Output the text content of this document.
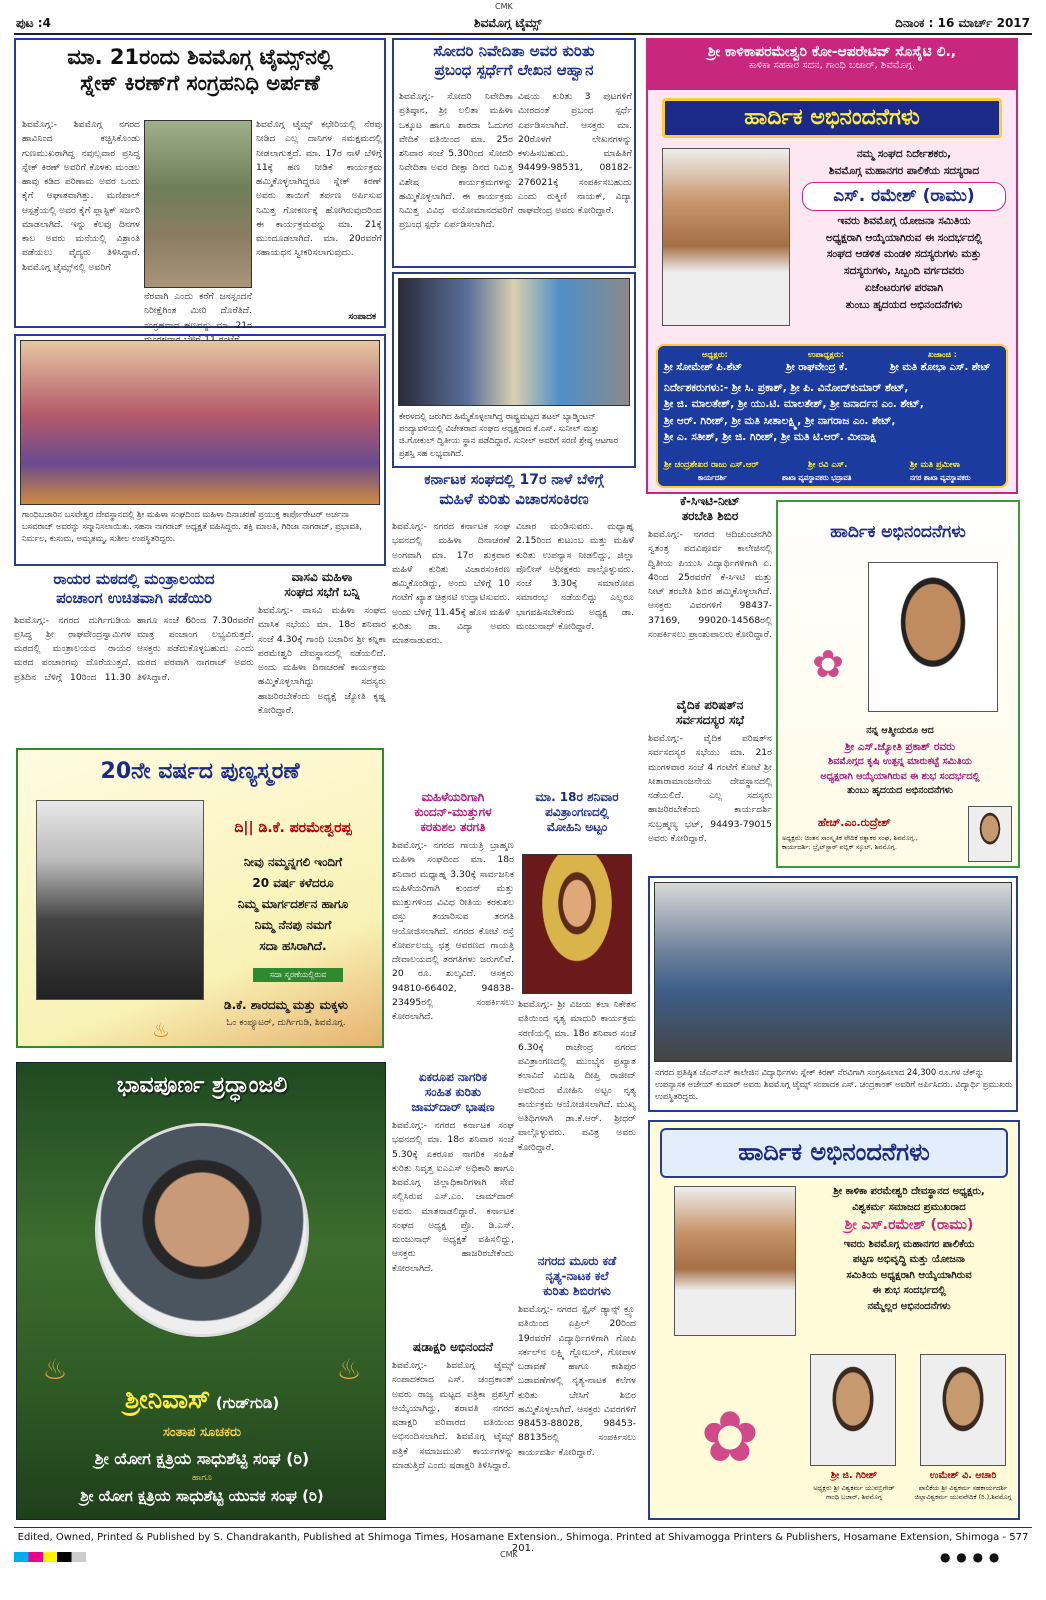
ಪುಟ :4	ಶಿವಮೊಗ್ಗ ಟೈಮ್ಸ್	ದಿನಾಂಕ : 16 ಮಾರ್ಚ್ 2017
CMK
ಮಾ. 21ರಂದು ಶಿವಮೊಗ್ಗ ಟೈಮ್ಸ್‌ನಲ್ಲಿ
ಸ್ನೇಕ್ ಕಿರಣ್‌ಗೆ ಸಂಗ್ರಹನಿಧಿ ಅರ್ಪಣೆ
ಶಿವಮೊಗ್ಗ:- ಶಿವಮೊಗ್ಗ ನಗರದ ಹಾವಿನಿಂದ ಕಚ್ಚಿಸಿಕೊಂಡು ಗುಣಮುಖರಾಗಿದ್ದ ನವುಲ್ಲವಾರ ಪ್ರಸಿದ್ಧ ಸ್ನೇಕ್ ಕಿರಣ್ ಅವರಿಗೆ ಕೊಳಕು ಮಂಡಲ ಹಾವು ಕಡಿದ ಪರಿಣಾಮ ಅವರ ಒಂದು ಕೈಗೆ ಆಘಾತವಾಗಿತ್ತು. ಮಣಿಪಾಲ್ ಆಸ್ಪತ್ರೆಯಲ್ಲಿ ಅವರ ಕೈಗೆ ಪ್ಲಾಸ್ಟಿಕ್ ಸರ್ಜರಿ ಮಾಡಲಾಗಿದೆ. ಇನ್ನು ಕೆಲವು ದಿನಗಳ ಕಾಲ ಅವರು ಮನೆಯಲ್ಲಿ ವಿಶ್ರಾಂತಿ ಪಡೆಯಲು ವೈದ್ಯರು ತಿಳಿಸಿದ್ದಾರೆ. ಶಿವಮೊಗ್ಗ ಟೈಮ್ಸ್‌ನಲ್ಲಿ ಅವರಿಗೆ
ನೆರವಾಗಿ ಎಂದು ಕರೆಗೆ ಜನಸ್ಪಂದನೆ ನಿರೀಕ್ಷೆಗಿಂತ ಮೀರಿ ದೊರೆತಿದೆ. ಸಂಗ್ರಹವಾದ ಹಣವನ್ನು ಮಾ. 21ರ
ಶಿವಮೊಗ್ಗ ಟೈಮ್ಸ್ ಕಛೇರಿಯಲ್ಲಿ ನೆರವು ನೀಡಿದ ಎಲ್ಲ ದಾನಿಗಳ ಸಮಕ್ಷಮದಲ್ಲಿ ನೀಡಲಾಗುತ್ತದೆ. ಮಾ. 17ರ ನಾಳೆ ಬೆಳಿಗ್ಗೆ 11ಕ್ಕೆ ಹಣ ನೀಡಿಕೆ ಕಾರ್ಯಕ್ರಮ ಹಮ್ಮಿಕೊಳ್ಳಲಾಗಿದ್ದರೂ ಸ್ನೇಕ್ ಕಿರಣ್ ಅವರು ತಾಯಿಗೆ ತರ್ಪಣ ಅರ್ಪಿಸುವ ನಿಮಿತ್ತ ಗೋಕರ್ಣಕ್ಕೆ ಹೋಗಿರುವುದರಿಂದ ಈ ಕಾರ್ಯಕ್ರಮವನ್ನು ಮಾ. 21ಕ್ಕೆ ಮುಂದೂಡಲಾಗಿದೆ. ಮಾ. 20ರವರೆಗೆ ಸಹಾಯಧನ ಸ್ವೀಕರಿಸಲಾಗುವುದು.
ಸಂಪಾದಕ
ಗಾಂಧಿಬಜಾರಿನ ಬಸವೇಶ್ವರ ದೇವಸ್ಥಾನದಲ್ಲಿ ಶ್ರೀ ಮಹಿಳಾ ಸಂಘದಿಂದ ಮಹಿಳಾ ದಿನಾಚರಣೆ ಪ್ರಯುಕ್ತ ಕಾರ್ಪೊರೇಟರ್ ಅರ್ಚನಾ ಬಸವರಾಜ್ ಅವರನ್ನು ಸನ್ಮಾನಿಸಲಾಯಿತು. ಸಹನಾ ನಾಗರಾಜ್ ಅಧ್ಯಕ್ಷತೆ ವಹಿಸಿದ್ದರು. ಶಕ್ತಿ ಮಾಲತಿ, ಗಿರಿಜಾ ನಾಗರಾಜ್, ಪ್ರಭಾವತಿ, ನಿರ್ಮಲ, ಕುಸುಮ, ಅಮೃತಮ್ಮ, ಸುಶೀಲ ಉಪಸ್ಥಿತರಿದ್ದರು.
ರಾಯರ ಮಠದಲ್ಲಿ ಮಂತ್ರಾಲಯದ
ಪಂಚಾಂಗ ಉಚಿತವಾಗಿ ಪಡೆಯಿರಿ
ಶಿವಮೊಗ್ಗ:- ನಗರದ ದುರ್ಗಿಗುಡಿಯ ಪ್ರಸಿದ್ಧ ಶ್ರೀ ರಾಘವೇಂದ್ರಸ್ವಾಮಿಗಳ ಮಠದಲ್ಲಿ ಮಂತ್ರಾಲಯದ ರಾಯರ ಮಠದ ಪಂಚಾಂಗವು ದೊರೆಯುತ್ತದೆ. ಪ್ರತಿದಿನ ಬೆಳಿಗ್ಗೆ 10ರಿಂದ 11.30 ಹಾಗೂ ಸಂಜೆ 6ರಿಂದ 7.30ರವರೆಗೆ ಮಾತ್ರ ಪಂಚಾಂಗ ಲಭ್ಯವಿರುತ್ತದೆ. ಆಸಕ್ತರು ಪಡೆದುಕೊಳ್ಳಬಹುದು ಎಂದು ಮಠದ ಪರವಾಗಿ ನಾಗರಾಜ್ ಅವರು ತಿಳಿಸಿದ್ದಾರೆ.
ವಾಸವಿ ಮಹಿಳಾ
ಸಂಘದ ಸಭೆಗೆ ಬನ್ನಿ
ಶಿವಮೊಗ್ಗ:- ವಾಸವಿ ಮಹಿಳಾ ಸಂಘದ ಮಾಸಿಕ ಸಭೆಯು ಮಾ. 18ರ ಶನಿವಾರ ಸಂಜೆ 4.30ಕ್ಕೆ ಗಾಂಧಿ ಬಜಾರಿನ ಶ್ರೀ ಕನ್ನಿಕಾ ಪರಮೇಶ್ವರಿ ದೇವಸ್ಥಾನದಲ್ಲಿ ನಡೆಯಲಿದೆ. ಅಂದು ಮಹಿಳಾ ದಿನಾಚರಣೆ ಕಾರ್ಯಕ್ರಮ ಹಮ್ಮಿಕೊಳ್ಳಲಾಗಿದ್ದು ಸದಸ್ಯರು ಹಾಜರಿರಬೇಕೆಂದು ಅಧ್ಯಕ್ಷೆ ಜ್ಯೋತಿ ಕೃಷ್ಣ ಕೋರಿದ್ದಾರೆ.
20ನೇ ವರ್ಷದ ಪುಣ್ಯಸ್ಮರಣೆ
ದಿ|| ಡಿ.ಕೆ. ಪರಮೇಶ್ವರಪ್ಪ
ನೀವು ನಮ್ಮನ್ನಗಲಿ ಇಂದಿಗೆ
20 ವರ್ಷ ಕಳೆದರೂ
ನಿಮ್ಮ ಮಾರ್ಗದರ್ಶನ ಹಾಗೂ
ನಿಮ್ಮ ನೆನಪು ನಮಗೆ
ಸದಾ ಹಸಿರಾಗಿದೆ.
ಸದಾ ಸ್ಮರಣೆಯಲ್ಲಿರುವ
ಡಿ.ಕೆ. ಶಾರದಮ್ಮ ಮತ್ತು ಮಕ್ಕಳು
ಓಂ ಕಂಪ್ಯೂಟರ್, ದುರ್ಗಿಗುಡಿ, ಶಿವಮೊಗ್ಗ.
♨
ಭಾವಪೂರ್ಣ ಶ್ರದ್ಧಾಂಜಲಿ
♨	♨
ಶ್ರೀನಿವಾಸ್ (ಗುಡ್‌ಗುಡಿ)
ಸಂತಾಪ ಸೂಚಕರು
ಶ್ರೀ ಯೋಗ ಕ್ಷತ್ರಿಯ ಸಾಧುಶೆಟ್ಟಿ ಸಂಘ (ರಿ)
ಹಾಗೂ
ಶ್ರೀ ಯೋಗ ಕ್ಷತ್ರಿಯ ಸಾಧುಶೆಟ್ಟಿ ಯುವಕ ಸಂಘ (ರಿ)
ಸೋದರಿ ನಿವೇದಿತಾ ಅವರ ಕುರಿತು
ಪ್ರಬಂಧ ಸ್ಪರ್ಧೆಗೆ ಲೇಖನ ಆಹ್ವಾನ
ಶಿವಮೊಗ್ಗ:- ಸೋದರಿ ನಿವೇದಿತಾ ಪ್ರತಿಷ್ಠಾನ, ಶ್ರೀ ಲಲಿತಾ ಮಹಿಳಾ ಒಕ್ಕೂಟ ಹಾಗೂ ಶಾರದಾ ಓದುಗರ ವೇದಿಕೆ ವತಿಯಿಂದ ಮಾ. 25ರ ಶನಿವಾರ ಸಂಜೆ 5.30ರಿಂದ ಸೋದರಿ ನಿವೇದಿತಾ ಅವರ ದೀಕ್ಷಾ ದಿನದ ನಿಮಿತ್ತ ವಿಶೇಷ ಕಾರ್ಯಕ್ರಮಗಳನ್ನು ಹಮ್ಮಿಕೊಳ್ಳಲಾಗಿದೆ. ಈ ಕಾರ್ಯಕ್ರಮ ನಿಮಿತ್ತ ವಿವಿಧ ವಯೋಮಾನದವರಿಗೆ ಪ್ರಬಂಧ ಸ್ಪರ್ಧೆ ಏರ್ಪಡಿಸಲಾಗಿದೆ.
ವಿಷಯ ಕುರಿತು 3 ಪುಟಗಳಿಗೆ ಮೀರದಂತೆ ಪ್ರಬಂಧ ಸ್ಪರ್ಧೆ ಏರ್ಪಡಿಸಲಾಗಿದೆ. ಆಸಕ್ತರು ಮಾ. 20ರೊಳಗೆ ಲೇಖನಗಳನ್ನು ಕಳುಹಿಸಬಹುದು. ಮಾಹಿತಿಗೆ 94499-98531, 08182-276021ಕ್ಕೆ ಸಂಪರ್ಕಿಸಬಹುದು ಎಂದು ರುಕ್ಮಿಣಿ ನಾಯಕ್, ವಿದ್ಯಾ ರಾಘವೇಂದ್ರ ಅವರು ಕೋರಿದ್ದಾರೆ.
ಕೇರಳದಲ್ಲಿ ಜರುಗಿದ ಹಿಮ್ಮೆಕೊಳ್ಳಲಾಗಿದ್ದ ರಾಷ್ಟ್ರಮಟ್ಟದ ಶಟಲ್ ಬ್ಯಾಡ್ಮಿಂಟನ್ ಪಂದ್ಯಾವಳಿಯಲ್ಲಿ ವಿಜೇತರಾದ ಸಂಘದ ಅಧ್ಯಕ್ಷರಾದ ಕೆ.ಎಸ್. ಸುನೀಲ್ ಮತ್ತು ಜಿ.ಗೋಕುಲ್ ದ್ವಿತೀಯ ಸ್ಥಾನ ಪಡೆದಿದ್ದಾರೆ. ಸುನೀಲ್ ಅವರಿಗೆ ಸರಣಿ ಶ್ರೇಷ್ಠ ಆಟಗಾರ ಪ್ರಶಸ್ತಿ ಸಹ ಲಭ್ಯವಾಗಿದೆ.
ಕರ್ನಾಟಕ ಸಂಘದಲ್ಲಿ 17ರ ನಾಳೆ ಬೆಳಿಗ್ಗೆ
ಮಹಿಳೆ ಕುರಿತು ವಿಚಾರಸಂಕಿರಣ
ಶಿವಮೊಗ್ಗ:- ನಗರದ ಕರ್ನಾಟಕ ಸಂಘ ಭವನದಲ್ಲಿ ಮಹಿಳಾ ದಿನಾಚರಣೆ ಅಂಗವಾಗಿ ಮಾ. 17ರ ಶುಕ್ರವಾರ ಮಹಿಳೆ ಕುರಿತು ವಿಚಾರಸಂಕಿರಣ ಹಮ್ಮಿಕೊಂಡಿದ್ದು, ಅಂದು ಬೆಳಿಗ್ಗೆ 10 ಗಂಟೆಗೆ ಖ್ಯಾತ ಚಿತ್ರನಟಿ ಉದ್ಘಾಟಿಸುವರು. ಅಂದು ಬೆಳಿಗ್ಗೆ 11.45ಕ್ಕೆ ಹೊಸ ಮಹಿಳೆ ಕುರಿತು ಡಾ. ವಿದ್ಯಾ ಅವರು ಮಾತನಾಡುವರು.
ವಿಚಾರ ಮಂಡಿಸುವರು. ಮಧ್ಯಾಹ್ನ 2.15ರಿಂದ ಕುಟುಂಬ ಮತ್ತು ಮಹಿಳೆ ಕುರಿತು ಉಪನ್ಯಾಸ ನೀಡಲಿದ್ದು, ಜಿಲ್ಲಾ ಪೊಲೀಸ್ ಅಧೀಕ್ಷಕರು ಪಾಲ್ಗೊಳ್ಳುವರು. ಸಂಜೆ 3.30ಕ್ಕೆ ಸಮಾರೋಪ ಸಮಾರಂಭ ನಡೆಯಲಿದ್ದು ಎಲ್ಲರೂ ಭಾಗವಹಿಸಬೇಕೆಂದು ಅಧ್ಯಕ್ಷ ಡಾ. ಮಂಜುನಾಥ್ ಕೋರಿದ್ದಾರೆ.
ಮಹಿಳೆಯರಿಗಾಗಿ
ಕುಂದನ್-ಮುತ್ತುಗಳ
ಕರಕುಶಲ ತರಗತಿ
ಶಿವಮೊಗ್ಗ:- ನಗರದ ಗಾಯತ್ರಿ ಬ್ರಾಹ್ಮಣ ಮಹಿಳಾ ಸಂಘದಿಂದ ಮಾ. 18ರ ಶನಿವಾರ ಮಧ್ಯಾಹ್ನ 3.30ಕ್ಕೆ ಸಾರ್ವಜನಿಕ ಮಹಿಳೆಯರಿಗಾಗಿ ಕುಂದನ್ ಮತ್ತು ಮುತ್ತುಗಳಿಂದ ವಿವಿಧ ರೀತಿಯ ಕರಕುಶಲ ವಸ್ತು ತಯಾರಿಸುವ ತರಗತಿ ಆಯೋಜಿಸಲಾಗಿದೆ. ನಗರದ ಕೋಟೆ ರಸ್ತೆ ಕೋರ್ಪಲಯ್ಯ ಛತ್ರ ಆವರಣದ ಗಾಯತ್ರಿ ದೇವಾಲಯದಲ್ಲಿ ತರಗತಿಗಳು ಜರುಗಲಿವೆ. 20 ರೂ. ಶುಲ್ಕವಿದೆ. ಆಸಕ್ತರು 94810-66402, 94838-23495ರಲ್ಲಿ ಸಂಪರ್ಕಿಸಲು ಕೋರಲಾಗಿದೆ.
ಮಾ. 18ರ ಶನಿವಾರ
ಪವಿತ್ರಾಂಗಣದಲ್ಲಿ
ಮೋಹಿನಿ ಅಟ್ಟಂ
ಶಿವಮೊಗ್ಗ:- ಶ್ರೀ ವಿಜಯ ಕಲಾ ನಿಕೇತನ ವತಿಯಿಂದ ನೃತ್ಯ ಮಾಧುರಿ ಕಾರ್ಯಕ್ರಮ ಸರಣಿಯಲ್ಲಿ ಮಾ. 18ರ ಶನಿವಾರ ಸಂಜೆ 6.30ಕ್ಕೆ ರಾಜೇಂದ್ರ ನಗರದ ಪವಿತ್ರಾಂಗಣದಲ್ಲಿ ಮುಂಬೈನ ಪ್ರಖ್ಯಾತ ಕಲಾವಿದೆ ವಿದುಷಿ ದೀಪ್ತಿ ರಾಜೀವ್ ಅವರಿಂದ ಮೋಹಿನಿ ಅಟ್ಟಂ ನೃತ್ಯ ಕಾರ್ಯಕ್ರಮ ಆಯೋಜಿಸಲಾಗಿದೆ. ಮುಖ್ಯ ಅತಿಥಿಗಳಾಗಿ ಡಾ.ಕೆ.ಆರ್. ಶ್ರೀಧರ್ ಪಾಲ್ಗೊಳ್ಳುವರು. ಪವಿತ್ರ ಅವರು ಕೋರಿದ್ದಾರೆ.
ಏಕರೂಪ ನಾಗರಿಕ
ಸಂಹಿತ ಕುರಿತು
ಜಾಮ್‌ದಾರ್ ಭಾಷಣ
ಶಿವಮೊಗ್ಗ:- ನಗರದ ಕರ್ನಾಟಕ ಸಂಘ ಭವನದಲ್ಲಿ ಮಾ. 18ರ ಶನಿವಾರ ಸಂಜೆ 5.30ಕ್ಕೆ ಏಕರೂಪ ನಾಗರಿಕ ಸಂಹಿತೆ ಕುರಿತು ನಿವೃತ್ತ ಐಎಎಸ್ ಅಧಿಕಾರಿ ಹಾಗೂ ಶಿವಮೊಗ್ಗ ಜಿಲ್ಲಾಧಿಕಾರಿಗಳಾಗಿ ಸೇವೆ ಸಲ್ಲಿಸಿರುವ ಎಸ್.ಎಂ. ಜಾಮ್‌ದಾರ್ ಅವರು ಮಾತನಾಡಲಿದ್ದಾರೆ. ಕರ್ನಾಟಕ ಸಂಘದ ಅಧ್ಯಕ್ಷ ಪ್ರೊ. ಡಿ.ಎಸ್. ಮಂಜುನಾಥ್ ಅಧ್ಯಕ್ಷತೆ ವಹಿಸಲಿದ್ದು, ಆಸಕ್ತರು ಹಾಜರಿರಬೇಕೆಂದು ಕೋರಲಾಗಿದೆ.
ಷಡಾಕ್ಷರಿ ಅಭಿನಂದನೆ
ಶಿವಮೊಗ್ಗ:- ಶಿವಮೊಗ್ಗ ಟೈಮ್ಸ್ ಸಂಪಾದಕರಾದ ಎಸ್. ಚಂದ್ರಕಾಂತ್ ಅವರು ರಾಜ್ಯ ಮಟ್ಟದ ಪತ್ರಿಕಾ ಪ್ರಶಸ್ತಿಗೆ ಆಯ್ಕೆಯಾಗಿದ್ದು, ಶರಾವತಿ ನಗರದ ಷಡಾಕ್ಷರಿ ಪರಿವಾರದ ವತಿಯಿಂದ ಅಭಿನಂದಿಸಲಾಗಿದೆ. ಶಿವಮೊಗ್ಗ ಟೈಮ್ಸ್ ಪತ್ರಿಕೆ ಸಮಾಜಮುಖಿ ಕಾರ್ಯಗಳನ್ನು ಮಾಡುತ್ತಿದೆ ಎಂದು ಷಡಾಕ್ಷರಿ ತಿಳಿಸಿದ್ದಾರೆ.
ನಗರದ ಮೂರು ಕಡೆ
ನೃತ್ಯ-ನಾಟಕ ಕಲೆ
ಕುರಿತು ಶಿಬಿರಗಳು
ಶಿವಮೊಗ್ಗ:- ನಗರದ ಸ್ಪೈಸ್ ಡ್ಯಾನ್ಸ್ ಕ್ರ್ಯೂ ವತಿಯಿಂದ ಏಪ್ರಿಲ್ 20ರಿಂದ 19ರವರೆಗೆ ವಿದ್ಯಾರ್ಥಿಗಳಿಗಾಗಿ ಗೋಪಿ ಸರ್ಕಲ್‌ನ ಲಕ್ಷ್ಮಿ ಗ್ಲೋಬಲ್, ಗೋಪಾಳ ಬಡಾವಣೆ ಹಾಗೂ ಕಾಶಿಪುರ ಬಡಾವಣೆಗಳಲ್ಲಿ ನೃತ್ಯ-ನಾಟಕ ಕಲೆಗಳ ಕುರಿತು ಬೇಸಿಗೆ ಶಿಬಿರ ಹಮ್ಮಿಕೊಳ್ಳಲಾಗಿದೆ. ಆಸಕ್ತರು ವಿವರಗಳಿಗೆ 98453-88028, 98453-88135ರಲ್ಲಿ ಸಂಪರ್ಕಿಸಲು ಕಾರ್ಯದರ್ಶಿ ಕೋರಿದ್ದಾರೆ.
ಶ್ರೀ ಕಾಳಿಕಾಪರಮೇಶ್ವರಿ ಕೋ-ಆಪರೇಟಿವ್ ಸೊಸೈಟಿ ಲಿ.,
ಕಾಳಿಕಾ ಸಹಕಾರ ಸದನ, ಗಾಂಧಿ ಬಜಾರ್, ಶಿವಮೊಗ್ಗ.
ಹಾರ್ದಿಕ ಅಭಿನಂದನೆಗಳು
ನಮ್ಮ ಸಂಘದ ನಿರ್ದೇಶಕರು,
ಶಿವಮೊಗ್ಗ ಮಹಾನಗರ ಪಾಲಿಕೆಯ ಸದಸ್ಯರಾದ
ಎಸ್. ರಮೇಶ್ (ರಾಮು)
ಇವರು ಶಿವಮೊಗ್ಗ ಯೋಜನಾ ಸಮಿತಿಯ
ಅಧ್ಯಕ್ಷರಾಗಿ ಆಯ್ಕೆಯಾಗಿರುವ ಈ ಸಂದರ್ಭದಲ್ಲಿ
ಸಂಘದ ಆಡಳಿತ ಮಂಡಳಿ ಸದಸ್ಯರುಗಳು ಮತ್ತು
ಸದಸ್ಯರುಗಳು, ಸಿಬ್ಬಂದಿ ವರ್ಗದವರು
ಏಜೆಂಟರುಗಳ ಪರವಾಗಿ
ತುಂಬು ಹೃದಯದ ಅಭಿನಂದನೆಗಳು
ಅಧ್ಯಕ್ಷರು:	ಉಪಾಧ್ಯಕ್ಷರು:	ಖಜಾಂಚಿ :
ಶ್ರೀ ಸೋಮೇಶ್ ಪಿ.ಶೆಟ್	ಶ್ರೀ ರಾಘವೇಂದ್ರ ಕೆ.	ಶ್ರೀ ಮತಿ ಶೋಭಾ ಎಸ್. ಶೇಟ್
ನಿರ್ದೇಶಕರುಗಳು:- ಶ್ರೀ ಸಿ. ಪ್ರಕಾಶ್, ಶ್ರೀ ಪಿ. ವಿನೋದ್‌ಕುಮಾರ್ ಶೇಟ್,
ಶ್ರೀ ಜಿ. ಮಾಲತೇಶ್, ಶ್ರೀ ಯು.ಟಿ. ಮಾಲತೇಶ್, ಶ್ರೀ ಜನಾರ್ದನ ಎಂ. ಶೇಟ್,
ಶ್ರೀ ಆರ್. ಗಿರೀಶ್, ಶ್ರೀ ಮತಿ ಸೀತಾಲಕ್ಷ್ಮಿ, ಶ್ರೀ ನಾಗರಾಜ ಎಂ. ಶೇಟ್,
ಶ್ರೀ ಎ. ಸತೀಶ್, ಶ್ರೀ ಜಿ. ಗಿರೀಶ್, ಶ್ರೀ ಮತಿ ಟಿ.ಆರ್. ಮೀನಾಕ್ಷಿ
ಶ್ರೀ ಚಂದ್ರಶೇಖರ ರಾಜು ಎಸ್.ಆರ್
ಕಾರ್ಯದರ್ಶಿ
ಶ್ರೀ ರವಿ ಎಸ್.
ಶಾಖಾ ವ್ಯವಸ್ಥಾಪಕರು ಭದ್ರಾವತಿ
ಶ್ರೀ ಮತಿ ಪ್ರಮೀಳಾ
ನಗರ ಶಾಖಾ ವ್ಯವಸ್ಥಾಪಕರು
ಕೆ-ಸಿಇಟಿ-ನೀಟ್
ತರಬೇತಿ ಶಿಬಿರ
ಶಿವಮೊಗ್ಗ:- ನಗರದ ಆದಿಚುಂಚನಗಿರಿ ಸ್ವತಂತ್ರ ಪದವಿಪೂರ್ವ ಕಾಲೇಜಿನಲ್ಲಿ ದ್ವಿತೀಯ ಪಿಯುಸಿ ವಿದ್ಯಾರ್ಥಿಗಳಿಗಾಗಿ ಏ. 4ರಿಂದ 25ರವರೆಗೆ ಕೆ-ಸಿಇಟಿ ಮತ್ತು ನೀಟ್ ತರಬೇತಿ ಶಿಬಿರ ಹಮ್ಮಿಕೊಳ್ಳಲಾಗಿದೆ. ಆಸಕ್ತರು ವಿವರಗಳಿಗೆ 98437-37169, 99020-14568ರಲ್ಲಿ ಸಂಪರ್ಕಿಸಲು ಪ್ರಾಂಶುಪಾಲರು ಕೋರಿದ್ದಾರೆ.
ವೈದಿಕ ಪರಿಷತ್‌ನ
ಸರ್ವಸದಸ್ಯರ ಸಭೆ
ಶಿವಮೊಗ್ಗ:- ವೈದಿಕ ಪರಿಷತ್‌ನ ಸರ್ವಸದಸ್ಯರ ಸಭೆಯು ಮಾ. 21ರ ಮಂಗಳವಾರ ಸಂಜೆ 4 ಗಂಟೆಗೆ ಕೋಟೆ ಶ್ರೀ ಸೀತಾರಾಮಾಂಜನೇಯ ದೇವಸ್ಥಾನದಲ್ಲಿ ನಡೆಯಲಿದೆ. ಎಲ್ಲ ಸದಸ್ಯರು ಹಾಜರಿರಬೇಕೆಂದು ಕಾರ್ಯದರ್ಶಿ ಸುಬ್ರಹ್ಮಣ್ಯ ಭಟ್, 94493-79015 ಅವರು ಕೋರಿದ್ದಾರೆ.
ಹಾರ್ದಿಕ ಅಭಿನಂದನೆಗಳು
✿
ನನ್ನ ಆತ್ಮೀಯರೂ ಆದ
ಶ್ರೀ ಎಸ್.ಜ್ಯೋತಿ ಪ್ರಕಾಶ್ ರವರು
ಶಿವಮೊಗ್ಗದ ಕೃಷಿ ಉತ್ಪನ್ನ ಮಾರುಕಟ್ಟೆ ಸಮಿತಿಯ
ಅಧ್ಯಕ್ಷರಾಗಿ ಆಯ್ಕೆಯಾಗಿರುವ ಈ ಶುಭ ಸಂದರ್ಭದಲ್ಲಿ
ತುಂಬು ಹೃದಯದ ಅಭಿನಂದನೆಗಳು
ಹೇಚ್.ಎಂ.ರುದ್ರೇಶ್
ಅಧ್ಯಕ್ಷರು: ಚಿಂತನ ಸಾಂಸ್ಕೃತಿಕ ವೇದಿಕೆ ರತ್ನಾಕರ ಸಂಘ, ಶಿವಮೊಗ್ಗ.,
ಕಾರ್ಯದರ್ಶಿ: ಬ್ರೈಟ್‌ಸ್ಟಾರ್ ಪಬ್ಲಿಕ್ ಸ್ಕೂಲ್, ಶಿವಮೊಗ್ಗ.
ನಗರದ ಪ್ರತಿಷ್ಠಿತ ಜೆಎನ್‌ಎನ್ ಕಾಲೇಜಿನ ವಿದ್ಯಾರ್ಥಿಗಳು ಸ್ನೇಕ್ ಕಿರಣ್ ನೆರವಿಗಾಗಿ ಸಂಗ್ರಹಿಸಲಾದ 24,300 ರೂ.ಗಳ ಚೆಕ್‌ನ್ನು ಉಪನ್ಯಾಸಕ ಅಜೇಯ್ ಕುಮಾರ್ ಅವರು ಶಿವಮೊಗ್ಗ ಟೈಮ್ಸ್ ಸಂಪಾದಕ ಎಸ್. ಚಂದ್ರಕಾಂತ್ ಅವರಿಗೆ ಅರ್ಪಿಸಿದರು. ವಿದ್ಯಾರ್ಥಿ ಪ್ರಮುಖರು ಉಪಸ್ಥಿತರಿದ್ದರು.
ಹಾರ್ದಿಕ ಅಭಿನಂದನೆಗಳು
ಶ್ರೀ ಕಾಳಿಕಾ ಪರಮೇಶ್ವರಿ ದೇವಸ್ಥಾನದ ಅಧ್ಯಕ್ಷರು,
ವಿಶ್ವಕರ್ಮ ಸಮಾಜದ ಪ್ರಮುಖರಾದ
ಶ್ರೀ ಎಸ್.ರಮೇಶ್ (ರಾಮು)
ಇವರು ಶಿವಮೊಗ್ಗ ಮಹಾನಗರ ಪಾಲಿಕೆಯ
ಪಟ್ಟಣ ಅಭಿವೃದ್ಧಿ ಮತ್ತು ಯೋಜನಾ
ಸಮಿತಿಯ ಅಧ್ಯಕ್ಷರಾಗಿ ಆಯ್ಕೆಯಾಗಿರುವ
ಈ ಶುಭ ಸಂದರ್ಭದಲ್ಲಿ
ನಮ್ಮೆಲ್ಲರ ಅಭಿನಂದನೆಗಳು
✿	ಶ್ರೀ ಜಿ. ಗಿರೀಶ್
ಅಧ್ಯಕ್ಷರು ಶ್ರೀ ವಿಶ್ವಕರ್ಮ ಯುವಬ್ರಿಗೇಡ್
ಗಾಂಧಿ ಬಜಾರ್, ಶಿವಮೊಗ್ಗ
ಉಮೇಶ್ ವಿ. ಆಚಾರಿ
ಪಾಲಿಕೆಯ ಶ್ರೀ ವಿಶ್ವಕರ್ಮ ಸಹಕಾರ್ಯದರ್ಶಿ
ಜಿಲ್ಲಾವಿಶ್ವಕರ್ಮ ಯುವವೇದಿಕೆ (ರಿ.),ಶಿವಮೊಗ್ಗ
Edited, Owned, Printed & Published by S. Chandrakanth, Published at Shimoga Times, Hosamane Extension., Shimoga. Printed at Shivamogga Printers & Publishers, Hosamane Extension, Shimoga - 577 201.
CMK	● ● ● ●
